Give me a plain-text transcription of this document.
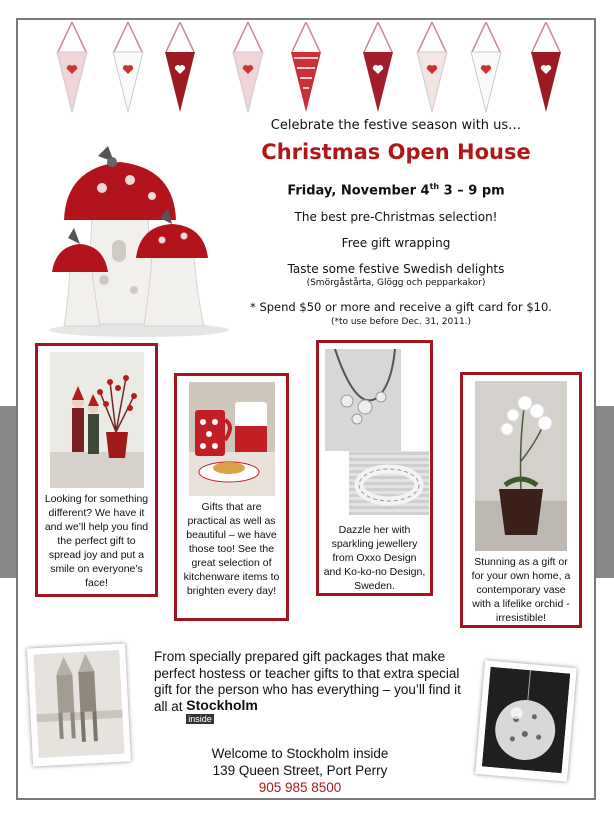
Celebrate the festive season with us…
Christmas Open House
Friday, November 4th 3 – 9 pm
The best pre-Christmas selection!
Free gift wrapping
Taste some festive Swedish delights
(Smörgåstårta, Glögg och pepparkakor)
* Spend $50 or more and receive a gift card for $10.
(*to use before Dec. 31, 2011.)
Looking for something different? We have it and we’ll help you find the perfect gift to spread joy and put a smile on everyone’s face!
Gifts that are practical as well as beautiful – we have those too! See the great selection of kitchenware items to brighten every day!
Dazzle her with sparkling jewellery from Oxxo Design and Ko-ko-no Design, Sweden.
Stunning as a gift or for your own home, a contemporary vase with a lifelike orchid - irresistible!
From specially prepared gift packages that make perfect hostess or teacher gifts to that extra special gift for the person who has everything – you’ll find it all at Stockholm
inside
Welcome to Stockholm inside
139 Queen Street, Port Perry
905 985 8500
